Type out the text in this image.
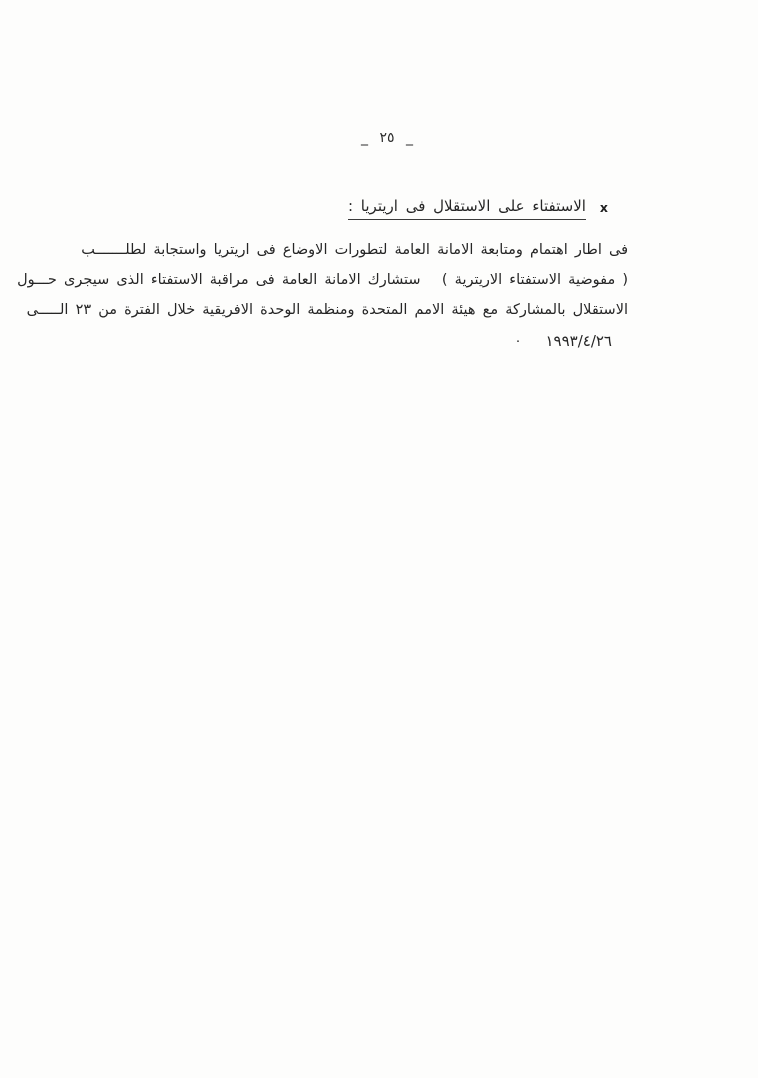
_ ٢٥ _
x
الاستفتاء على الاستقلال فى اريتريا :
فى اطار اهتمام ومتابعة الامانة العامة لتطورات الاوضاع فى اريتريا واستجابة لطلـــــــب
( مفوضية الاستفتاء الاريترية )   ستشارك الامانة العامة فى مراقبة الاستفتاء الذى سيجرى حـــول
الاستقلال بالمشاركة مع هيئة الامم المتحدة ومنظمة الوحدة الافريقية خلال الفترة من ٢٣ الـــــى
١٩٩٣/٤/٢٦
٠
